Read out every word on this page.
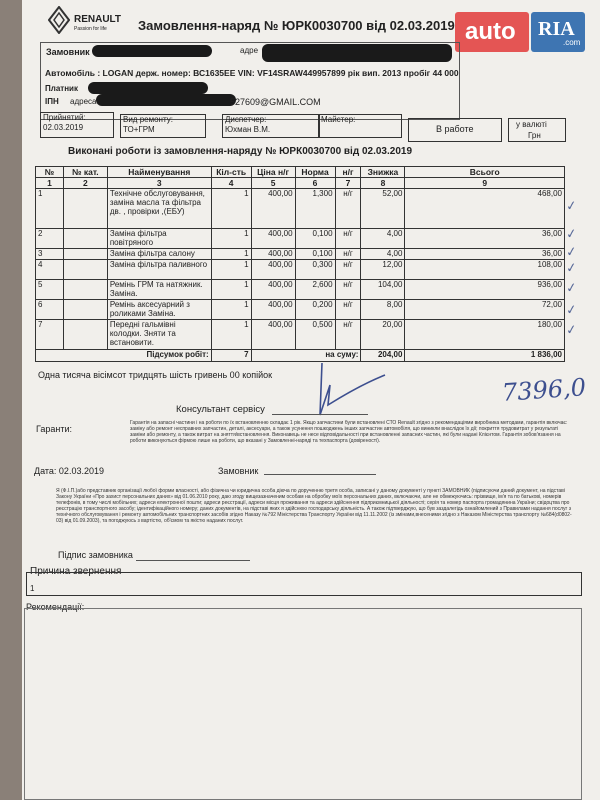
RENAULT
Passion for life Замовлення-наряд № ЮРК0030700 від 02.03.2019 auto RIA
.com
Замовник	адре
Автомобіль : LOGAN держ. номер: ВС1635ЕЕ VIN: VF14SRAW449957899 рік вип. 2013 пробіг 44 000
Платник
ІПН адреса	527609@GMAIL.COM
Прийнятий:
02.03.2019
Вид ремонту:
ТО+ГРМ
Диспетчер:
Юхман В.М.
Майстер:
В работе	у валюті
Грн
Виконані роботи із замовлення-наряду № ЮРК0030700 від 02.03.2019
№	№ кат.	Найменування	Кіл-сть	Ціна н/г	Норма	н/г	Знижка	Всього
1	2	3	4	5	6	7	8	9
1		Технічне обслуговування, заміна масла та фільтра дв. , провірки ,(ЕБУ)	1	400,00	1,300	н/г	52,00	468,00
2		Заміна фільтра повітряного	1	400,00	0,100	н/г	4,00	36,00
3		Заміна фільтра салону	1	400,00	0,100	н/г	4,00	36,00
4		Заміна фільтра паливного	1	400,00	0,300	н/г	12,00	108,00
5		Ремінь ГРМ та натяжник. Заміна.	1	400,00	2,600	н/г	104,00	936,00
6		Ремінь аксесуарний з роликами Заміна.	1	400,00	0,200	н/г	8,00	72,00
7		Передні гальмівні колодки. Зняти та встановити.	1	400,00	0,500	н/г	20,00	180,00
Підсумок робіт:			7	на суму:			204,00	1 836,00
✓
✓
✓
✓
✓
✓
✓
Одна тисяча вісімсот тридцять шість гривень 00 копійок	7396,0
Консультант сервісу
Гаранти:
Гарантія на запасні частини і на роботи по їх встановленню складає 1 рік. Якщо запчастини були встановлені СТО Renault згідно з рекомендаціями виробника методами, гарантія включає: заміну або ремонт несправних запчастин, деталі, аксесуари, а також усунення пошкоджень інших запчастин автомобіля, що виникли внаслідок їх дії; покриття трудовитрат у результаті заміни або ремонту, а також витрат на зняття/встановлення. Виконавець не несе відповідальності при встановленні запасних частин, які були надані Клієнтом. Гарантія зобов'язання на роботи виконуються фірмою лише на роботи, що вказані у Замовленні-наряді та техпаспорта (довіреності).
Дата: 02.03.2019	Замовник
Я (Ф.І.П.)або представник організації любої форми власності, або фізична чи юридична особа діюча по дорученню третя особа, записані у даному документі у пункті ЗАМОВНИК (підписуючи даний документ, на підставі Закону України «Про захист персональних даних» від 01.06.2010 року, даю згоду вищезазначеним особам на обробку моїх персональних даних, включаючи, але не обмежуючись: прізвище, ім'я та по батькові, номерів телефонів, в тому числі мобільних; адреси електронної пошти; адреси реєстрації, адреси місця проживання та адреси здійснення підприємницької діяльності; серія та номер паспорта громадянина України; свідоцтва про реєстрацію транспортного засобу; ідентифікаційного номеру; даних документів, на підставі яких я здійснюю господарську діяльність. А також підтверджую, що був заздалегідь ознайомлений з Правилами надання послуг з технічного обслуговування і ремонту автомобільних транспортних засобів згідно Наказу №792 Міністерства Транспорту України від 11.11.2002 (із змінами,внесеними згідно з Наказом Міністерства транспорту №684(d0802-03) від 01.09.2003), та погоджуюсь з вартістю, об'ємом та якістю наданих послуг.
Підпис замовника
Причина звернення
1
Рекомендації:
